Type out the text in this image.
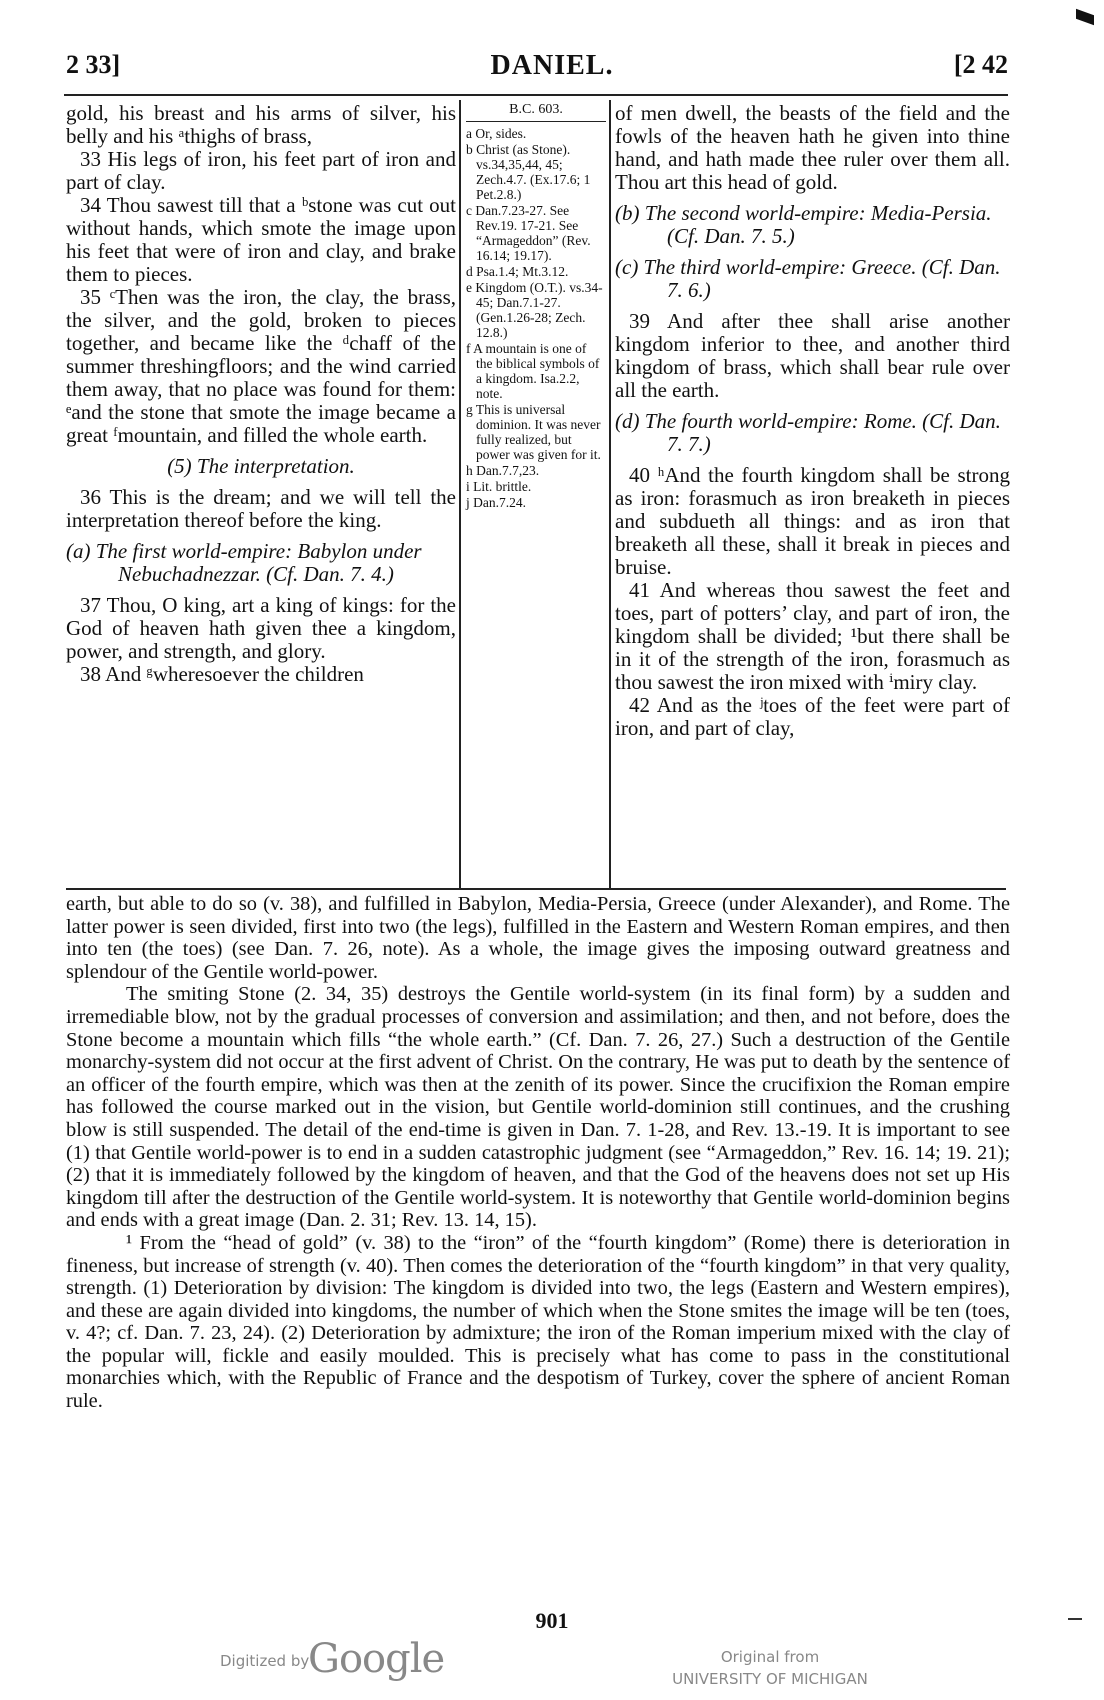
2 33]	DANIEL.	[2 42

gold, his breast and his arms of silver, his belly and his ᵃthighs of brass,

33 His legs of iron, his feet part of iron and part of clay.

34 Thou sawest till that a ᵇstone was cut out without hands, which smote the image upon his feet that were of iron and clay, and brake them to pieces.

35 ᶜThen was the iron, the clay, the brass, the silver, and the gold, broken to pieces together, and became like the ᵈchaff of the summer threshingfloors; and the wind carried them away, that no place was found for them: ᵉand the stone that smote the image became a great ᶠmountain, and filled the whole earth.

(5) The interpretation.

36 This is the dream; and we will tell the interpretation thereof before the king.

(a) The first world-empire: Babylon under Nebuchadnezzar. (Cf. Dan. 7. 4.)

37 Thou, O king, art a king of kings: for the God of heaven hath given thee a kingdom, power, and strength, and glory.

38 And ᵍwheresoever the children

B.C. 603.
a Or, sides.
b Christ (as Stone). vs.34,35,44, 45; Zech.4.7. (Ex.17.6; 1 Pet.2.8.)
c Dan.7.23-27. See Rev.19. 17-21. See “Armageddon” (Rev. 16.14; 19.17).
d Psa.1.4; Mt.3.12.
e Kingdom (O.T.). vs.34-45; Dan.7.1-27. (Gen.1.26-28; Zech. 12.8.)
f A mountain is one of the biblical symbols of a kingdom. Isa.2.2, note.
g This is universal dominion. It was never fully realized, but power was given for it.
h Dan.7.7,23.
i Lit. brittle.
j Dan.7.24.

of men dwell, the beasts of the field and the fowls of the heaven hath he given into thine hand, and hath made thee ruler over them all. Thou art this head of gold.

(b) The second world-empire: Media-Persia. (Cf. Dan. 7. 5.)

(c) The third world-empire: Greece. (Cf. Dan. 7. 6.)

39 And after thee shall arise another kingdom inferior to thee, and another third kingdom of brass, which shall bear rule over all the earth.

(d) The fourth world-empire: Rome. (Cf. Dan. 7. 7.)

40 ʰAnd the fourth kingdom shall be strong as iron: forasmuch as iron breaketh in pieces and subdueth all things: and as iron that breaketh all these, shall it break in pieces and bruise.

41 And whereas thou sawest the feet and toes, part of potters’ clay, and part of iron, the kingdom shall be divided; ¹but there shall be in it of the strength of the iron, forasmuch as thou sawest the iron mixed with ⁱmiry clay.

42 And as the ʲtoes of the feet were part of iron, and part of clay,

earth, but able to do so (v. 38), and fulfilled in Babylon, Media-Persia, Greece (under Alexander), and Rome. The latter power is seen divided, first into two (the legs), fulfilled in the Eastern and Western Roman empires, and then into ten (the toes) (see Dan. 7. 26, note). As a whole, the image gives the imposing outward greatness and splendour of the Gentile world-power.

The smiting Stone (2. 34, 35) destroys the Gentile world-system (in its final form) by a sudden and irremediable blow, not by the gradual processes of conversion and assimilation; and then, and not before, does the Stone become a mountain which fills “the whole earth.” (Cf. Dan. 7. 26, 27.) Such a destruction of the Gentile monarchy-system did not occur at the first advent of Christ. On the contrary, He was put to death by the sentence of an officer of the fourth empire, which was then at the zenith of its power. Since the crucifixion the Roman empire has followed the course marked out in the vision, but Gentile world-dominion still continues, and the crushing blow is still suspended. The detail of the end-time is given in Dan. 7. 1-28, and Rev. 13.-19. It is important to see (1) that Gentile world-power is to end in a sudden catastrophic judgment (see “Armageddon,” Rev. 16. 14; 19. 21); (2) that it is immediately followed by the kingdom of heaven, and that the God of the heavens does not set up His kingdom till after the destruction of the Gentile world-system. It is noteworthy that Gentile world-dominion begins and ends with a great image (Dan. 2. 31; Rev. 13. 14, 15).

¹ From the “head of gold” (v. 38) to the “iron” of the “fourth kingdom” (Rome) there is deterioration in fineness, but increase of strength (v. 40). Then comes the deterioration of the “fourth kingdom” in that very quality, strength. (1) Deterioration by division: The kingdom is divided into two, the legs (Eastern and Western empires), and these are again divided into kingdoms, the number of which when the Stone smites the image will be ten (toes, v. 4?; cf. Dan. 7. 23, 24). (2) Deterioration by admixture; the iron of the Roman imperium mixed with the clay of the popular will, fickle and easily moulded. This is precisely what has come to pass in the constitutional monarchies which, with the Republic of France and the despotism of Turkey, cover the sphere of ancient Roman rule.

901
Digitized by
Google	Original from
UNIVERSITY OF MICHIGAN
